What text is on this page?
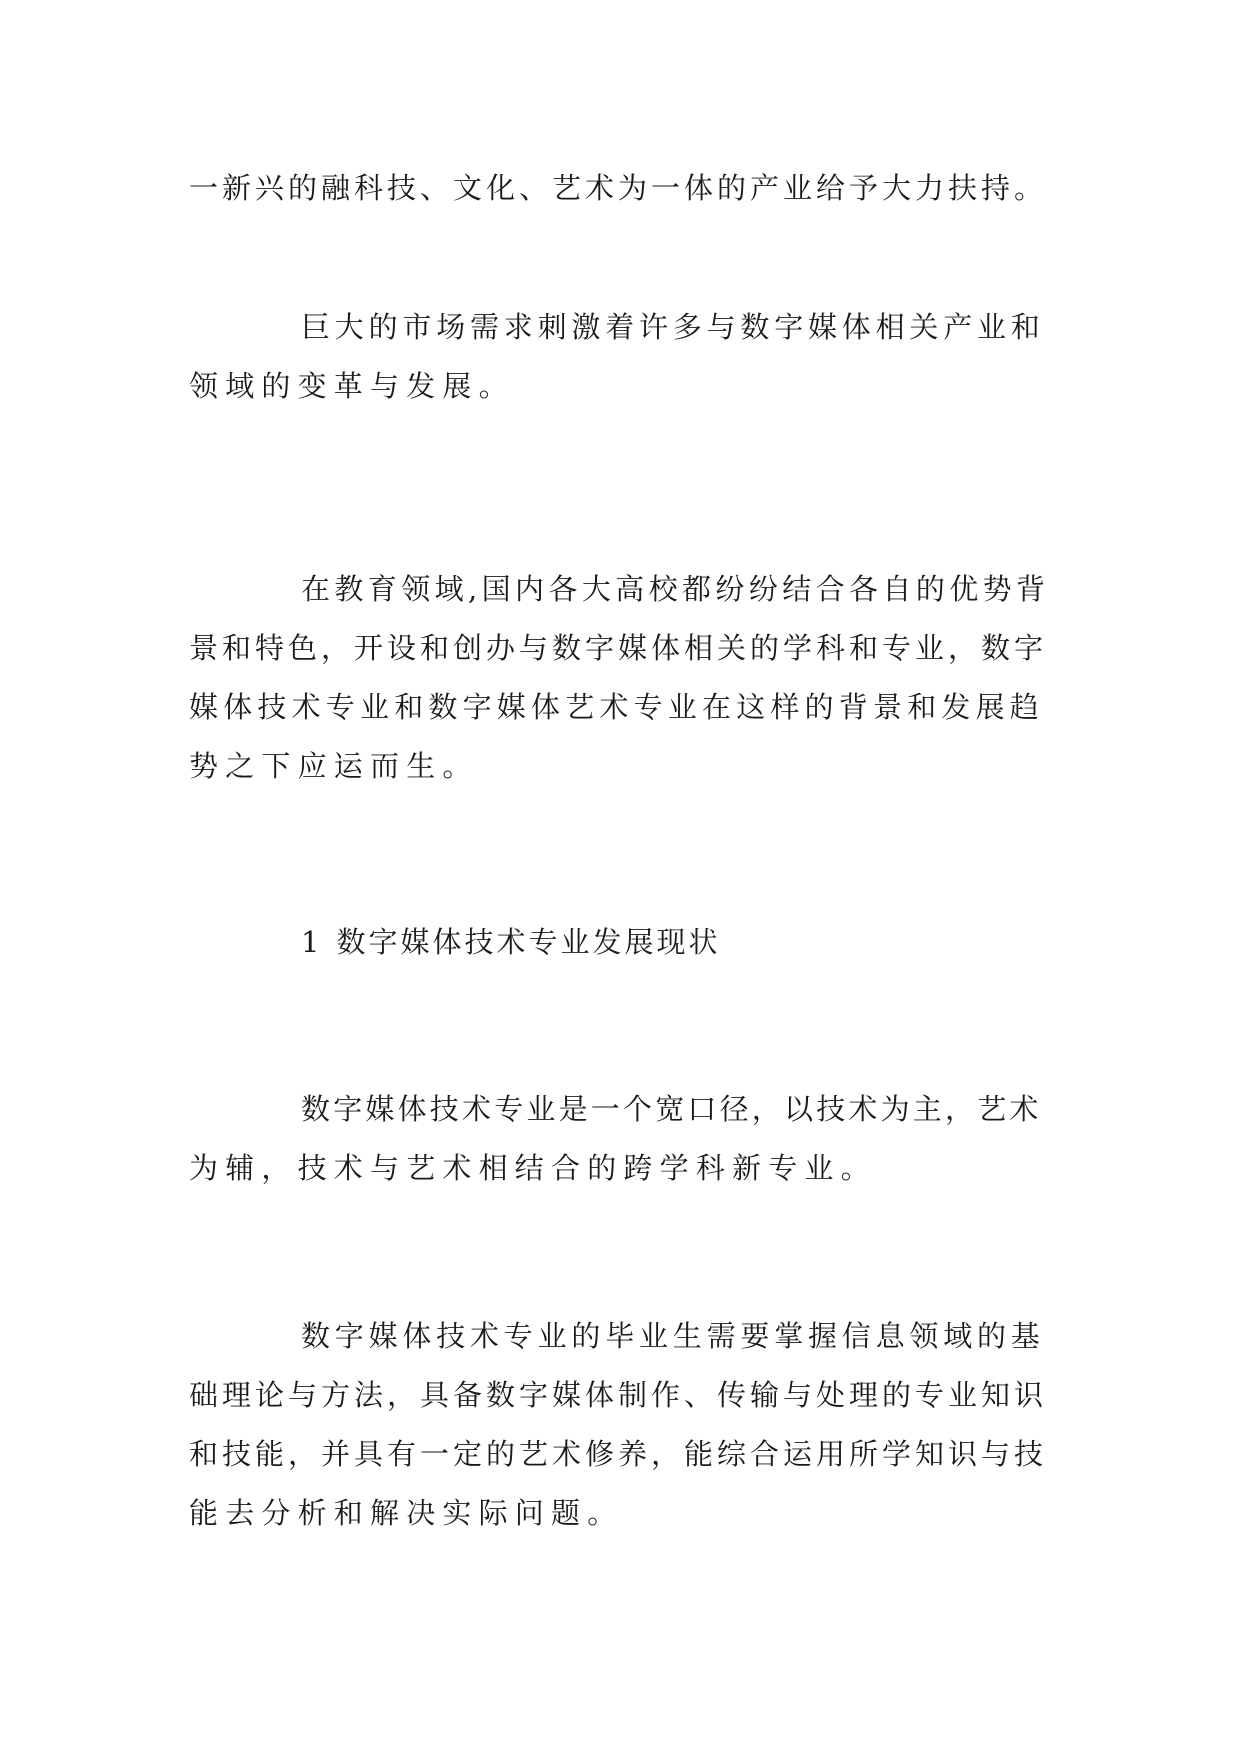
一新兴的融科技、文化、艺术为一体的产业给予大力扶持。

巨大的市场需求刺激着许多与数字媒体相关产业和
领域的变革与发展。

在教育领域,国内各大高校都纷纷结合各自的优势背
景和特色，开设和创办与数字媒体相关的学科和专业，数字
媒体技术专业和数字媒体艺术专业在这样的背景和发展趋
势之下应运而生。

1 数字媒体技术专业发展现状

数字媒体技术专业是一个宽口径，以技术为主，艺术
为辅，技术与艺术相结合的跨学科新专业。

数字媒体技术专业的毕业生需要掌握信息领域的基
础理论与方法，具备数字媒体制作、传输与处理的专业知识
和技能，并具有一定的艺术修养，能综合运用所学知识与技
能去分析和解决实际问题。
